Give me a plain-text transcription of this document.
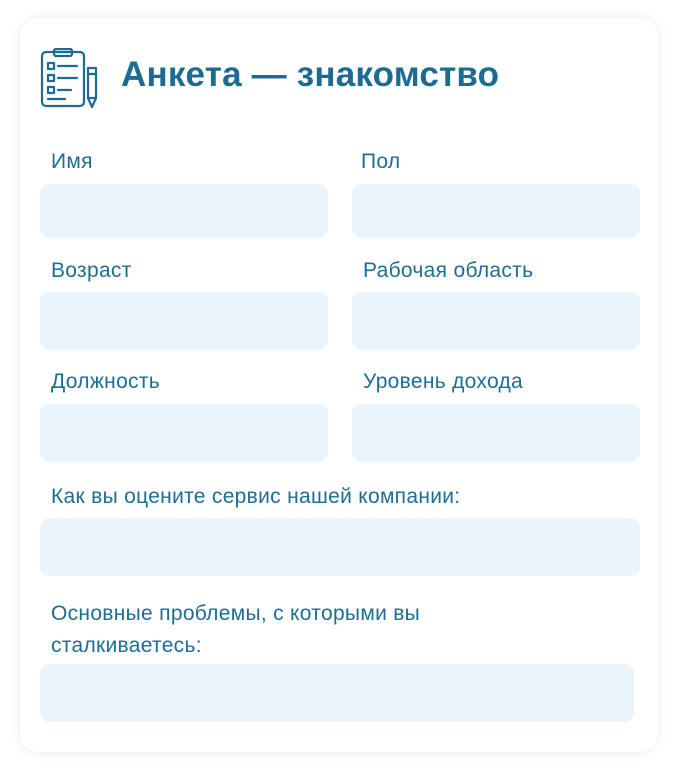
Анкета — знакомство
Имя	Пол
Возраст	Рабочая область
Должность	Уровень дохода
Как вы оцените сервис нашей компании:
Основные проблемы, с которыми вы сталкиваетесь:
